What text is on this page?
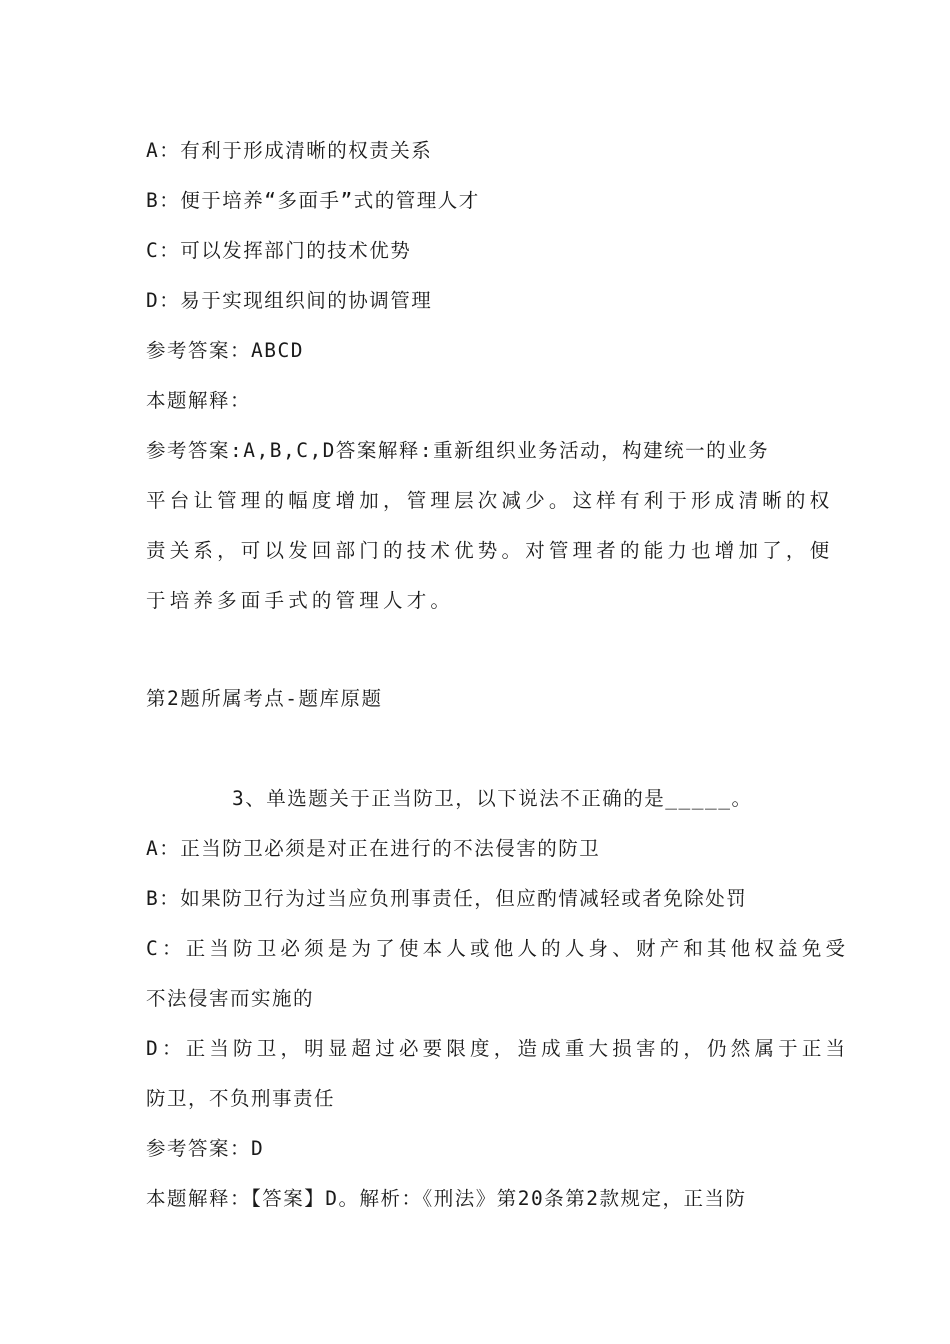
A：有利于形成清晰的权责关系
B：便于培养“多面手”式的管理人才
C：可以发挥部门的技术优势
D：易于实现组织间的协调管理
参考答案：ABCD
本题解释：
参考答案:A,B,C,D答案解释:重新组织业务活动，构建统一的业务
平台让管理的幅度增加，管理层次减少。这样有利于形成清晰的权
责关系，可以发回部门的技术优势。对管理者的能力也增加了，便
于培养多面手式的管理人才。
第2题所属考点-题库原题
3、单选题关于正当防卫，以下说法不正确的是_____。
A：正当防卫必须是对正在进行的不法侵害的防卫
B：如果防卫行为过当应负刑事责任，但应酌情减轻或者免除处罚
C：正当防卫必须是为了使本人或他人的人身、财产和其他权益免受
不法侵害而实施的
D：正当防卫，明显超过必要限度，造成重大损害的，仍然属于正当
防卫，不负刑事责任
参考答案：D
本题解释：【答案】D。解析：《刑法》第20条第2款规定，正当防
